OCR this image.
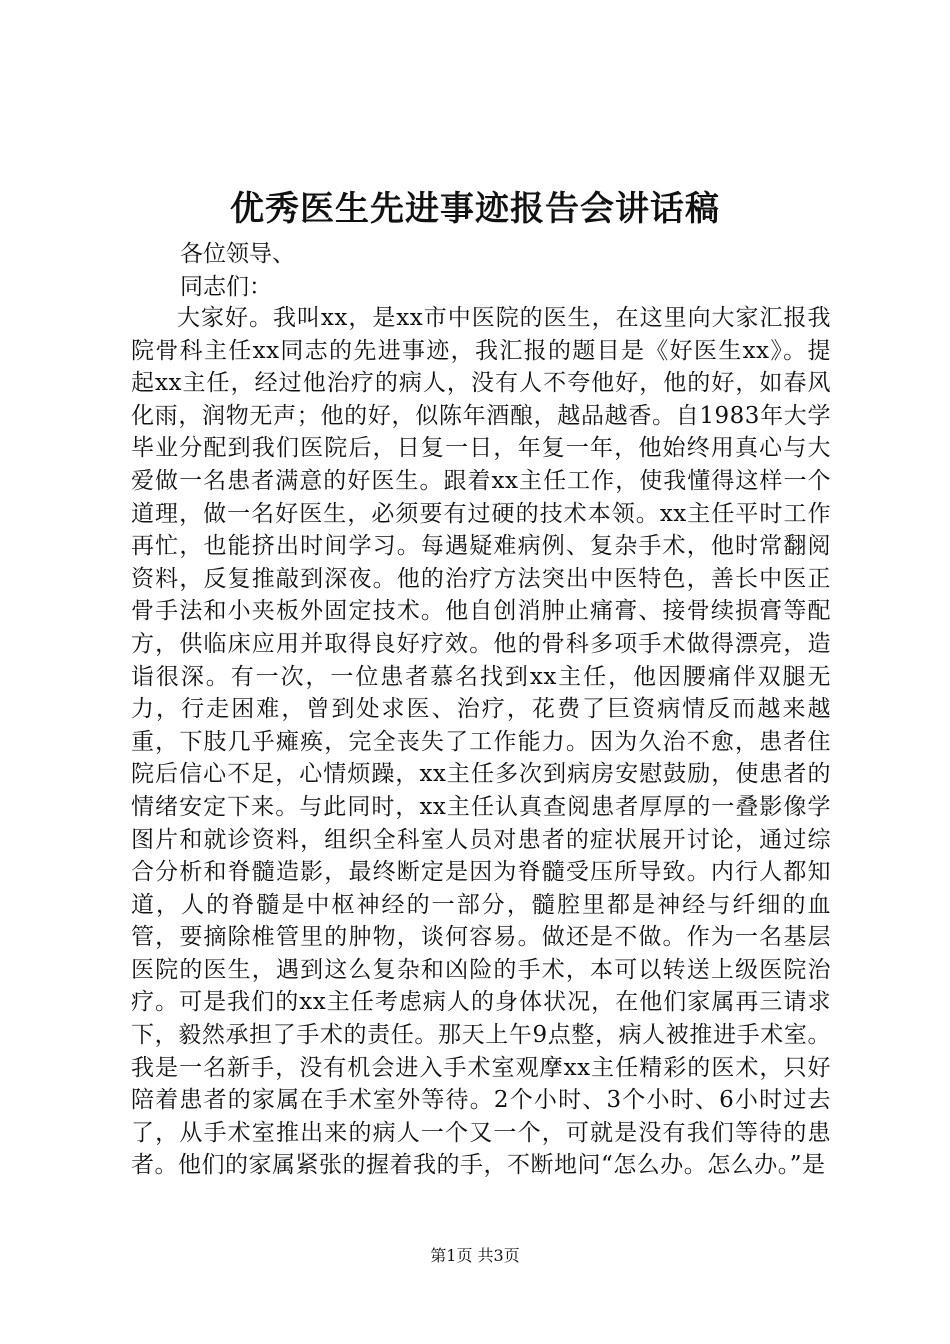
优秀医生先进事迹报告会讲话稿
各位领导、
同志们：

大家好。我叫xx，是xx市中医院的医生，在这里向大家汇报我院骨科主任xx同志的先进事迹，我汇报的题目是《好医生xx》。提起xx主任，经过他治疗的病人，没有人不夸他好，他的好，如春风化雨，润物无声；他的好，似陈年酒酿，越品越香。自1983年大学毕业分配到我们医院后，日复一日，年复一年，他始终用真心与大爱做一名患者满意的好医生。跟着xx主任工作，使我懂得这样一个道理，做一名好医生，必须要有过硬的技术本领。xx主任平时工作再忙，也能挤出时间学习。每遇疑难病例、复杂手术，他时常翻阅资料，反复推敲到深夜。他的治疗方法突出中医特色，善长中医正骨手法和小夹板外固定技术。他自创消肿止痛膏、接骨续损膏等配方，供临床应用并取得良好疗效。他的骨科多项手术做得漂亮，造诣很深。有一次，一位患者慕名找到xx主任，他因腰痛伴双腿无力，行走困难，曾到处求医、治疗，花费了巨资病情反而越来越重，下肢几乎瘫痪，完全丧失了工作能力。因为久治不愈，患者住院后信心不足，心情烦躁，xx主任多次到病房安慰鼓励，使患者的情绪安定下来。与此同时，xx主任认真查阅患者厚厚的一叠影像学图片和就诊资料，组织全科室人员对患者的症状展开讨论，通过综合分析和脊髓造影，最终断定是因为脊髓受压所导致。内行人都知道，人的脊髓是中枢神经的一部分，髓腔里都是神经与纤细的血管，要摘除椎管里的肿物，谈何容易。做还是不做。作为一名基层医院的医生，遇到这么复杂和凶险的手术，本可以转送上级医院治疗。可是我们的xx主任考虑病人的身体状况，在他们家属再三请求下，毅然承担了手术的责任。那天上午9点整，病人被推进手术室。我是一名新手，没有机会进入手术室观摩xx主任精彩的医术，只好陪着患者的家属在手术室外等待。2个小时、3个小时、6小时过去了，从手术室推出来的病人一个又一个，可就是没有我们等待的患者。他们的家属紧张的握着我的手，不断地问“怎么办。怎么办。”是

第1页 共3页
